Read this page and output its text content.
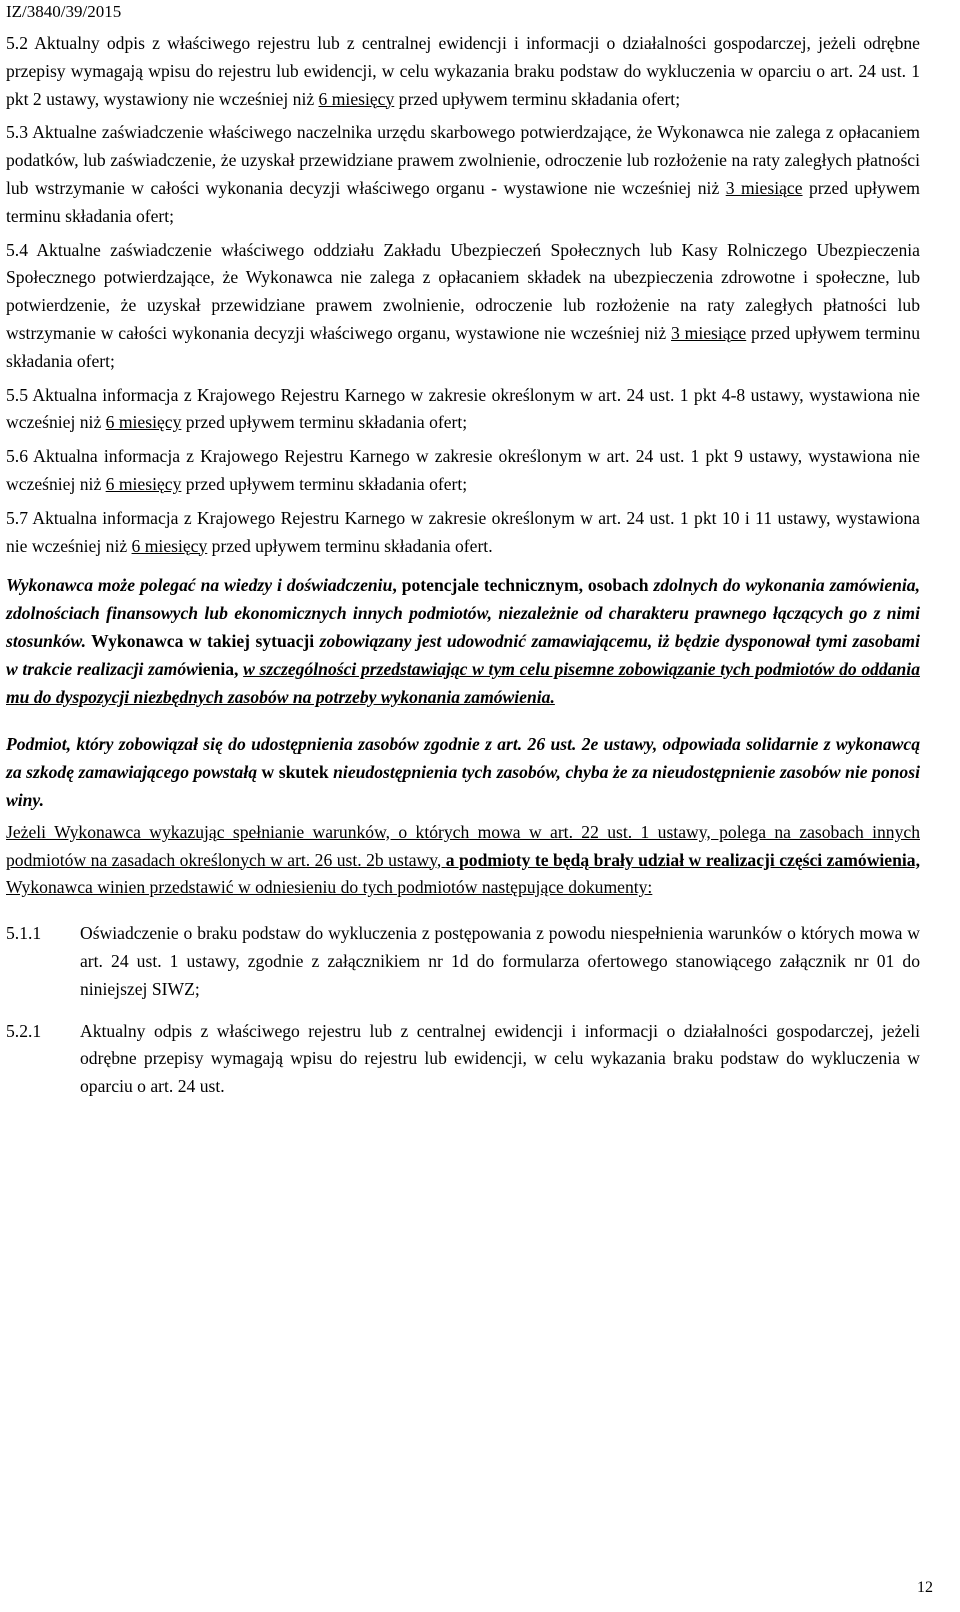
IZ/3840/39/2015

5.2 Aktualny odpis z właściwego rejestru lub z centralnej ewidencji i informacji o działalności gospodarczej, jeżeli odrębne przepisy wymagają wpisu do rejestru lub ewidencji, w celu wykazania braku podstaw do wykluczenia w oparciu o art. 24 ust. 1 pkt 2 ustawy, wystawiony nie wcześniej niż 6 miesięcy przed upływem terminu składania ofert;

5.3 Aktualne zaświadczenie właściwego naczelnika urzędu skarbowego potwierdzające, że Wykonawca nie zalega z opłacaniem podatków, lub zaświadczenie, że uzyskał przewidziane prawem zwolnienie, odroczenie lub rozłożenie na raty zaległych płatności lub wstrzymanie w całości wykonania decyzji właściwego organu - wystawione nie wcześniej niż 3 miesiące przed upływem terminu składania ofert;

5.4 Aktualne zaświadczenie właściwego oddziału Zakładu Ubezpieczeń Społecznych lub Kasy Rolniczego Ubezpieczenia Społecznego potwierdzające, że Wykonawca nie zalega z opłacaniem składek na ubezpieczenia zdrowotne i społeczne, lub potwierdzenie, że uzyskał przewidziane prawem zwolnienie, odroczenie lub rozłożenie na raty zaległych płatności lub wstrzymanie w całości wykonania decyzji właściwego organu, wystawione nie wcześniej niż 3 miesiące przed upływem terminu składania ofert;

5.5 Aktualna informacja z Krajowego Rejestru Karnego w zakresie określonym w art. 24 ust. 1 pkt 4-8 ustawy, wystawiona nie wcześniej niż 6 miesięcy przed upływem terminu składania ofert;

5.6 Aktualna informacja z Krajowego Rejestru Karnego w zakresie określonym w art. 24 ust. 1 pkt 9 ustawy, wystawiona nie wcześniej niż 6 miesięcy przed upływem terminu składania ofert;

5.7 Aktualna informacja z Krajowego Rejestru Karnego w zakresie określonym w art. 24 ust. 1 pkt 10 i 11 ustawy, wystawiona nie wcześniej niż 6 miesięcy przed upływem terminu składania ofert.

Wykonawca może polegać na wiedzy i doświadczeniu, potencjale technicznym, osobach zdolnych do wykonania zamówienia, zdolnościach finansowych lub ekonomicznych innych podmiotów, niezależnie od charakteru prawnego łączących go z nimi stosunków. Wykonawca w takiej sytuacji zobowiązany jest udowodnić zamawiającemu, iż będzie dysponował tymi zasobami w trakcie realizacji zamówienia, w szczególności przedstawiając w tym celu pisemne zobowiązanie tych podmiotów do oddania mu do dyspozycji niezbędnych zasobów na potrzeby wykonania zamówienia.

Podmiot, który zobowiązał się do udostępnienia zasobów zgodnie z art. 26 ust. 2e ustawy, odpowiada solidarnie z wykonawcą za szkodę zamawiającego powstałą w skutek nieudostępnienia tych zasobów, chyba że za nieudostępnienie zasobów nie ponosi winy.

Jeżeli Wykonawca wykazując spełnianie warunków, o których mowa w art. 22 ust. 1 ustawy, polega na zasobach innych podmiotów na zasadach określonych w art. 26 ust. 2b ustawy, a podmioty te będą brały udział w realizacji części zamówienia, Wykonawca winien przedstawić w odniesieniu do tych podmiotów następujące dokumenty:

5.1.1	Oświadczenie o braku podstaw do wykluczenia z postępowania z powodu niespełnienia warunków o których mowa w art. 24 ust. 1 ustawy, zgodnie z załącznikiem nr 1d do formularza ofertowego stanowiącego załącznik nr 01 do niniejszej SIWZ;
5.2.1	Aktualny odpis z właściwego rejestru lub z centralnej ewidencji i informacji o działalności gospodarczej, jeżeli odrębne przepisy wymagają wpisu do rejestru lub ewidencji, w celu wykazania braku podstaw do wykluczenia w oparciu o art. 24 ust.
12
